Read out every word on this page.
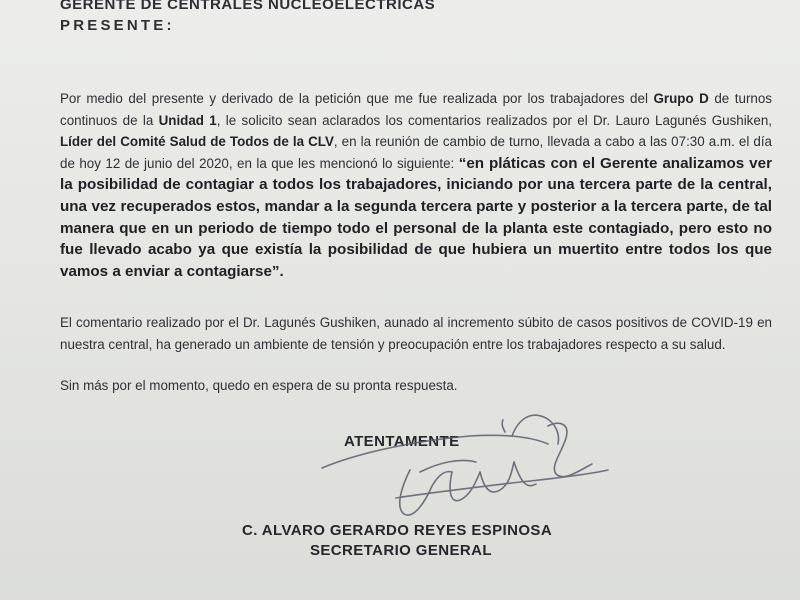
GERENTE DE CENTRALES NUCLEOELECTRICAS
PRESENTE:
Por medio del presente y derivado de la petición que me fue realizada por los trabajadores del Grupo D de turnos continuos de la Unidad 1, le solicito sean aclarados los comentarios realizados por el Dr. Lauro Lagunés Gushiken, Líder del Comité Salud de Todos de la CLV, en la reunión de cambio de turno, llevada a cabo a las 07:30 a.m. el día de hoy 12 de junio del 2020, en la que les mencionó lo siguiente: “en pláticas con el Gerente analizamos ver la posibilidad de contagiar a todos los trabajadores, iniciando por una tercera parte de la central, una vez recuperados estos, mandar a la segunda tercera parte y posterior a la tercera parte, de tal manera que en un periodo de tiempo todo el personal de la planta este contagiado, pero esto no fue llevado acabo ya que existía la posibilidad de que hubiera un muertito entre todos los que vamos a enviar a contagiarse”.
El comentario realizado por el Dr. Lagunés Gushiken, aunado al incremento súbito de casos positivos de COVID-19 en nuestra central, ha generado un ambiente de tensión y preocupación entre los trabajadores respecto a su salud.
Sin más por el momento, quedo en espera de su pronta respuesta.
ATENTAMENTE
C. ALVARO GERARDO REYES ESPINOSA
SECRETARIO GENERAL
